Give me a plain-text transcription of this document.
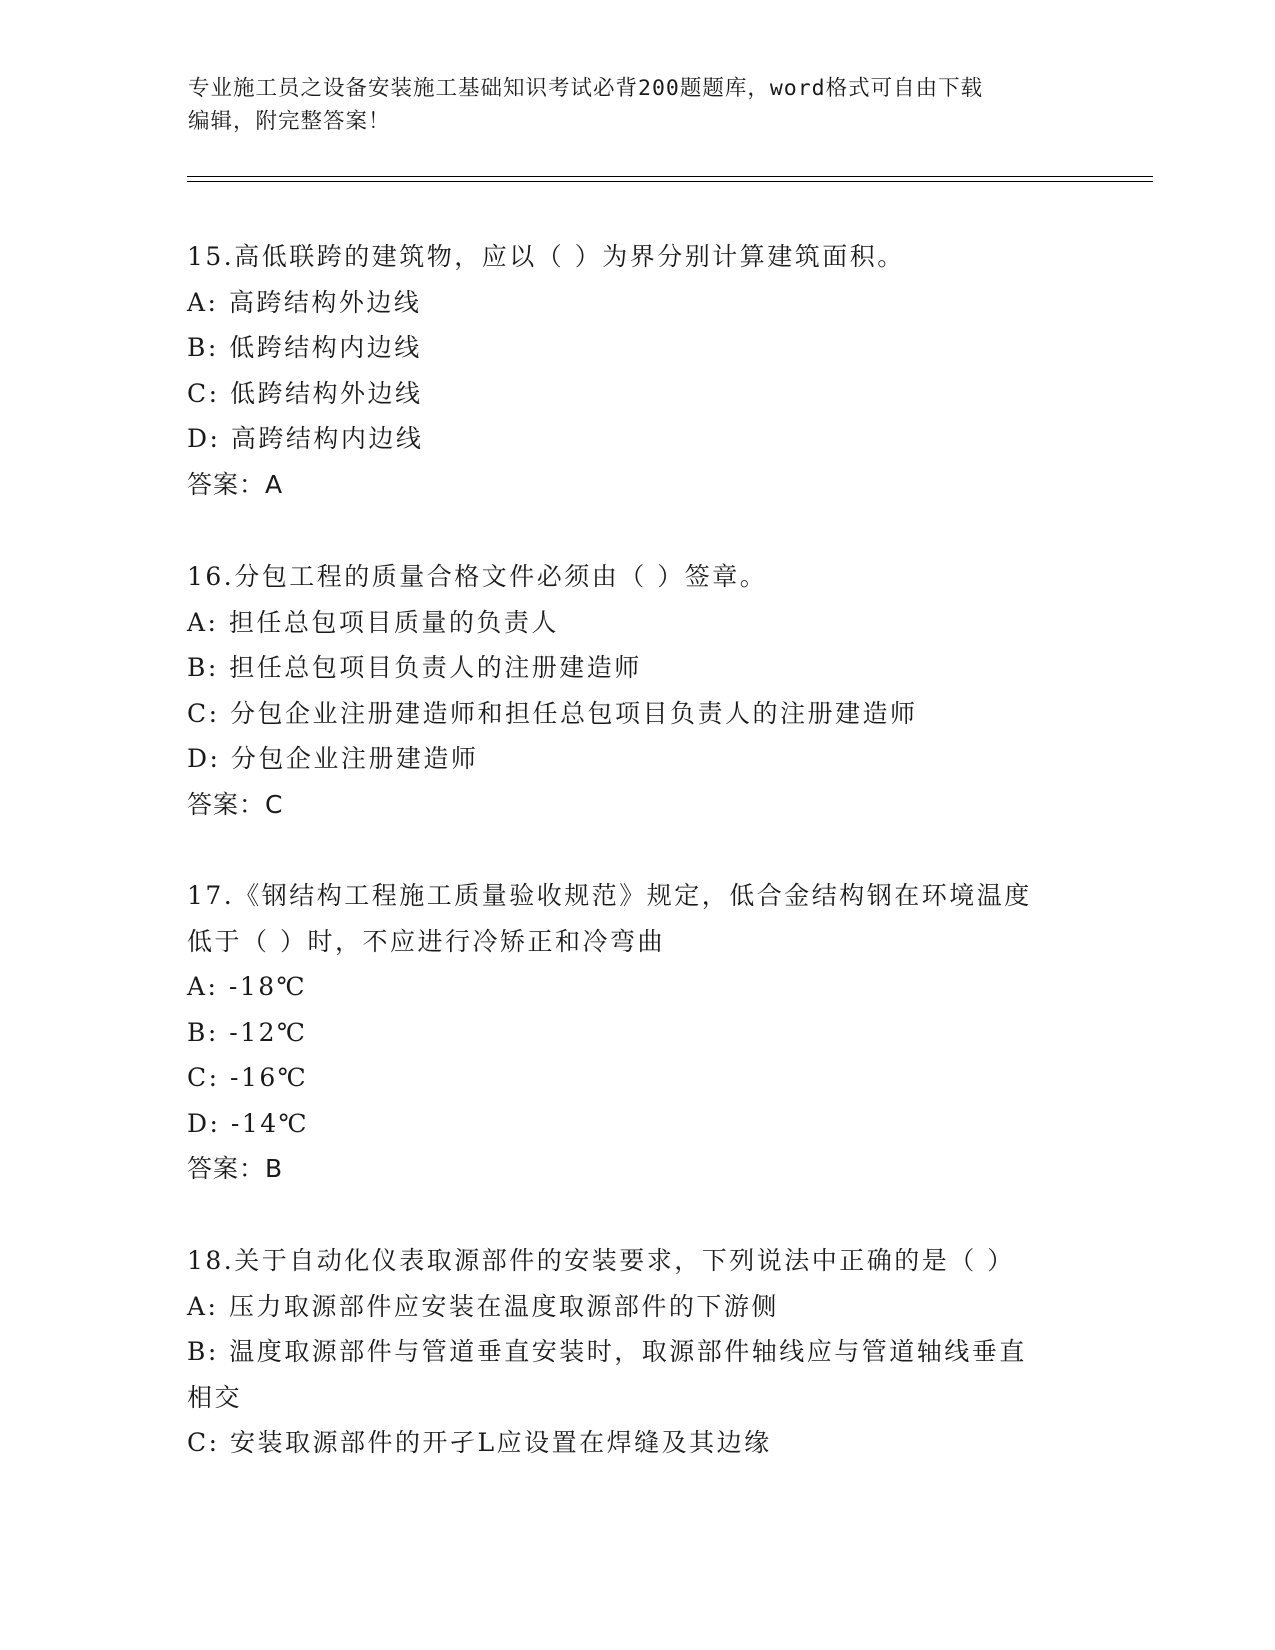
专业施工员之设备安装施工基础知识考试必背200题题库，word格式可自由下载
编辑，附完整答案！
15.高低联跨的建筑物，应以（ ）为界分别计算建筑面积。
A: 高跨结构外边线
B: 低跨结构内边线
C: 低跨结构外边线
D: 高跨结构内边线
答案：A
16.分包工程的质量合格文件必须由（ ）签章。
A: 担任总包项目质量的负责人
B: 担任总包项目负责人的注册建造师
C: 分包企业注册建造师和担任总包项目负责人的注册建造师
D: 分包企业注册建造师
答案：C
17.《钢结构工程施工质量验收规范》规定，低合金结构钢在环境温度
低于（ ）时，不应进行冷矫正和冷弯曲
A: -18℃
B: -12℃
C: -16℃
D: -14℃
答案：B
18.关于自动化仪表取源部件的安装要求，下列说法中正确的是（ ）
A: 压力取源部件应安装在温度取源部件的下游侧
B: 温度取源部件与管道垂直安装时，取源部件轴线应与管道轴线垂直
相交
C: 安装取源部件的开孑L应设置在焊缝及其边缘
